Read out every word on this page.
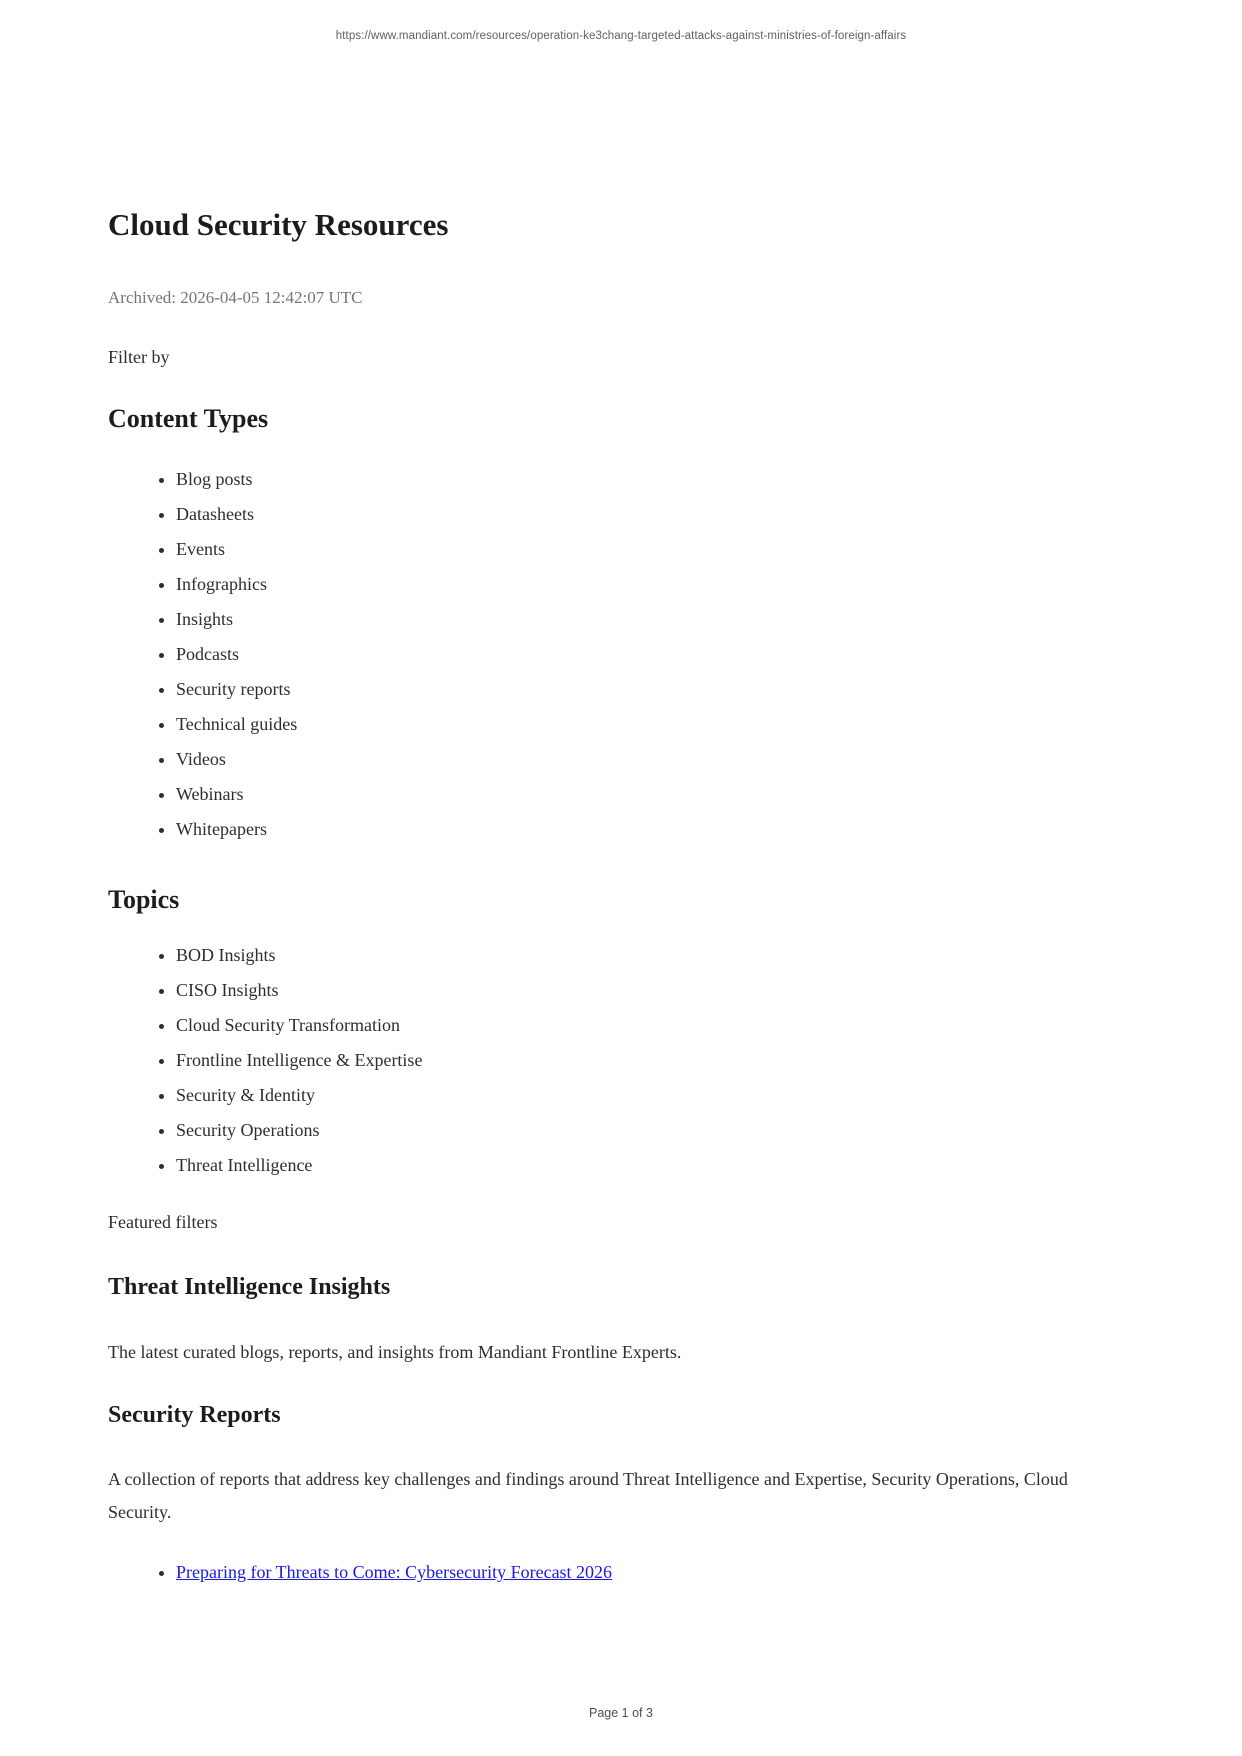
https://www.mandiant.com/resources/operation-ke3chang-targeted-attacks-against-ministries-of-foreign-affairs
Cloud Security Resources

Archived: 2026-04-05 12:42:07 UTC

Filter by

Content Types
• Blog posts
• Datasheets
• Events
• Infographics
• Insights
• Podcasts
• Security reports
• Technical guides
• Videos
• Webinars
• Whitepapers
Topics
• BOD Insights
• CISO Insights
• Cloud Security Transformation
• Frontline Intelligence & Expertise
• Security & Identity
• Security Operations
• Threat Intelligence

Featured filters

Threat Intelligence Insights

The latest curated blogs, reports, and insights from Mandiant Frontline Experts.

Security Reports

A collection of reports that address key challenges and findings around Threat Intelligence and Expertise, Security Operations, Cloud Security.

• Preparing for Threats to Come: Cybersecurity Forecast 2026
Page 1 of 3
